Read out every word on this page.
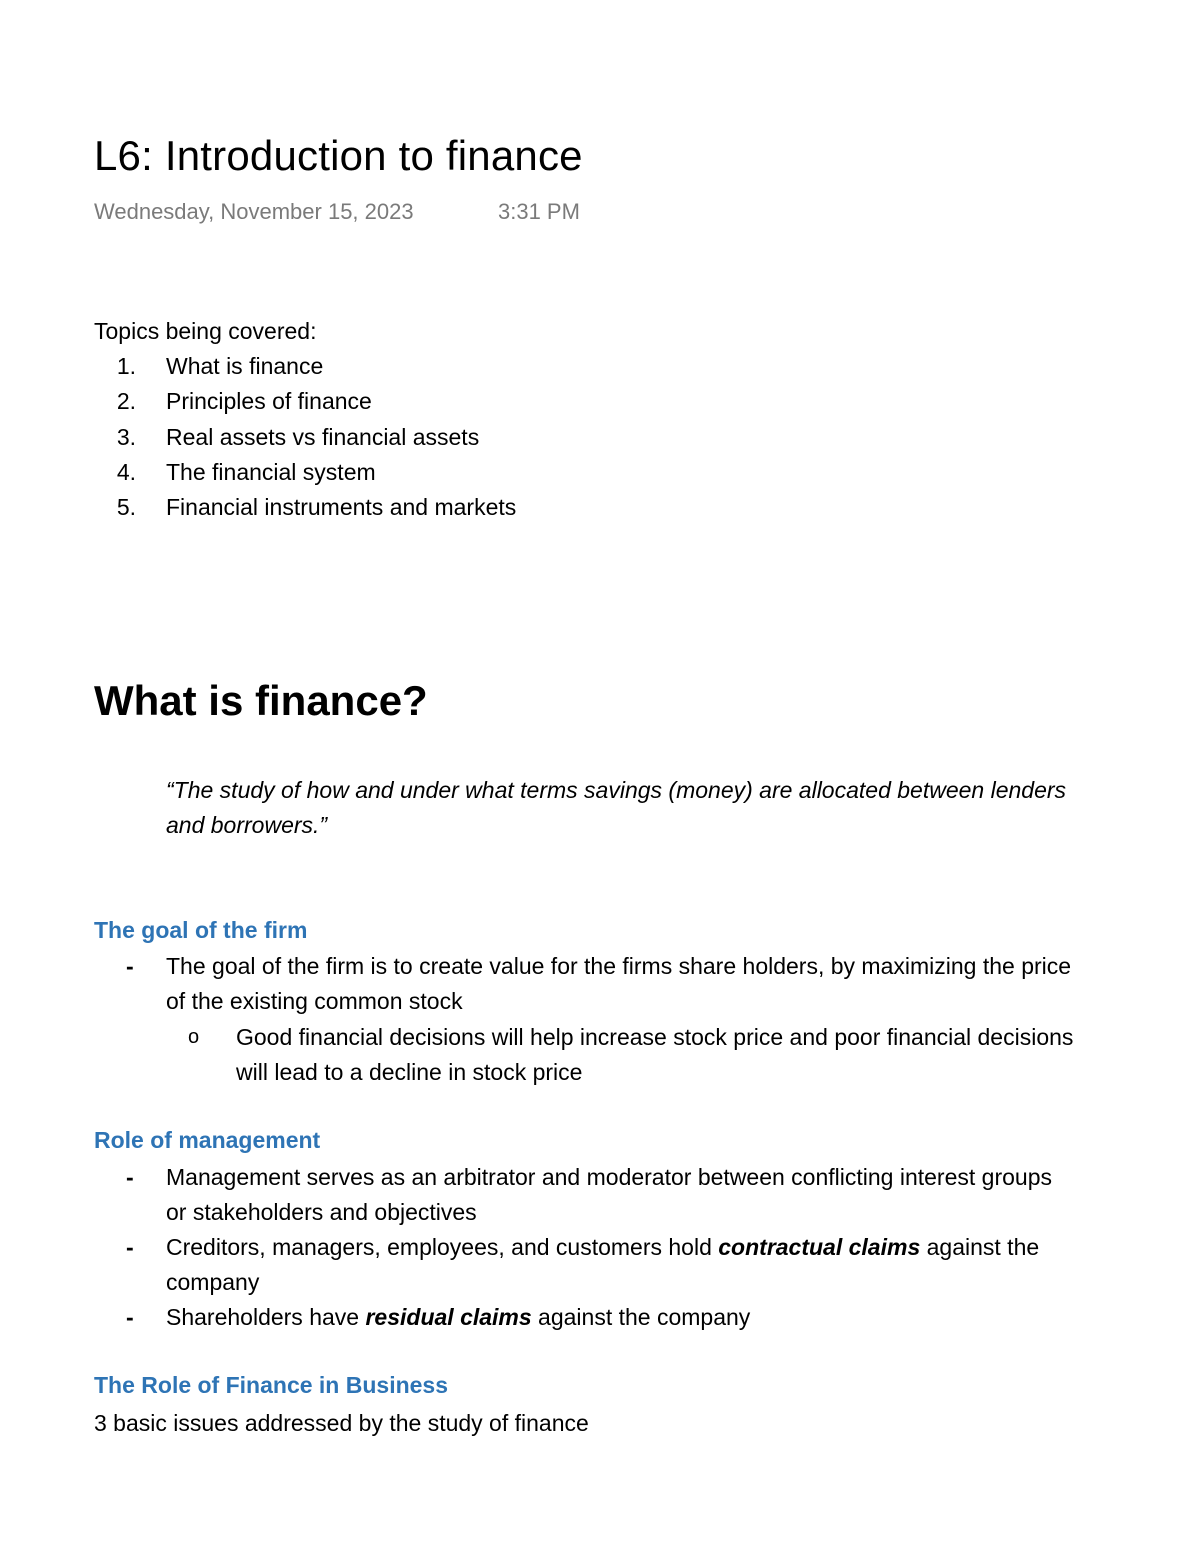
L6: Introduction to finance
Wednesday, November 15, 2023	3:31 PM
Topics being covered:
1. What is finance
2. Principles of finance
3. Real assets vs financial assets
4. The financial system
5. Financial instruments and markets
What is finance?
“The study of how and under what terms savings (money) are allocated between lenders
and borrowers.”
The goal of the firm
- The goal of the firm is to create value for the firms share holders, by maximizing the price
of the existing common stock
o Good financial decisions will help increase stock price and poor financial decisions
will lead to a decline in stock price
Role of management
- Management serves as an arbitrator and moderator between conflicting interest groups
or stakeholders and objectives
- Creditors, managers, employees, and customers hold contractual claims against the
company
- Shareholders have residual claims against the company
The Role of Finance in Business
3 basic issues addressed by the study of finance
